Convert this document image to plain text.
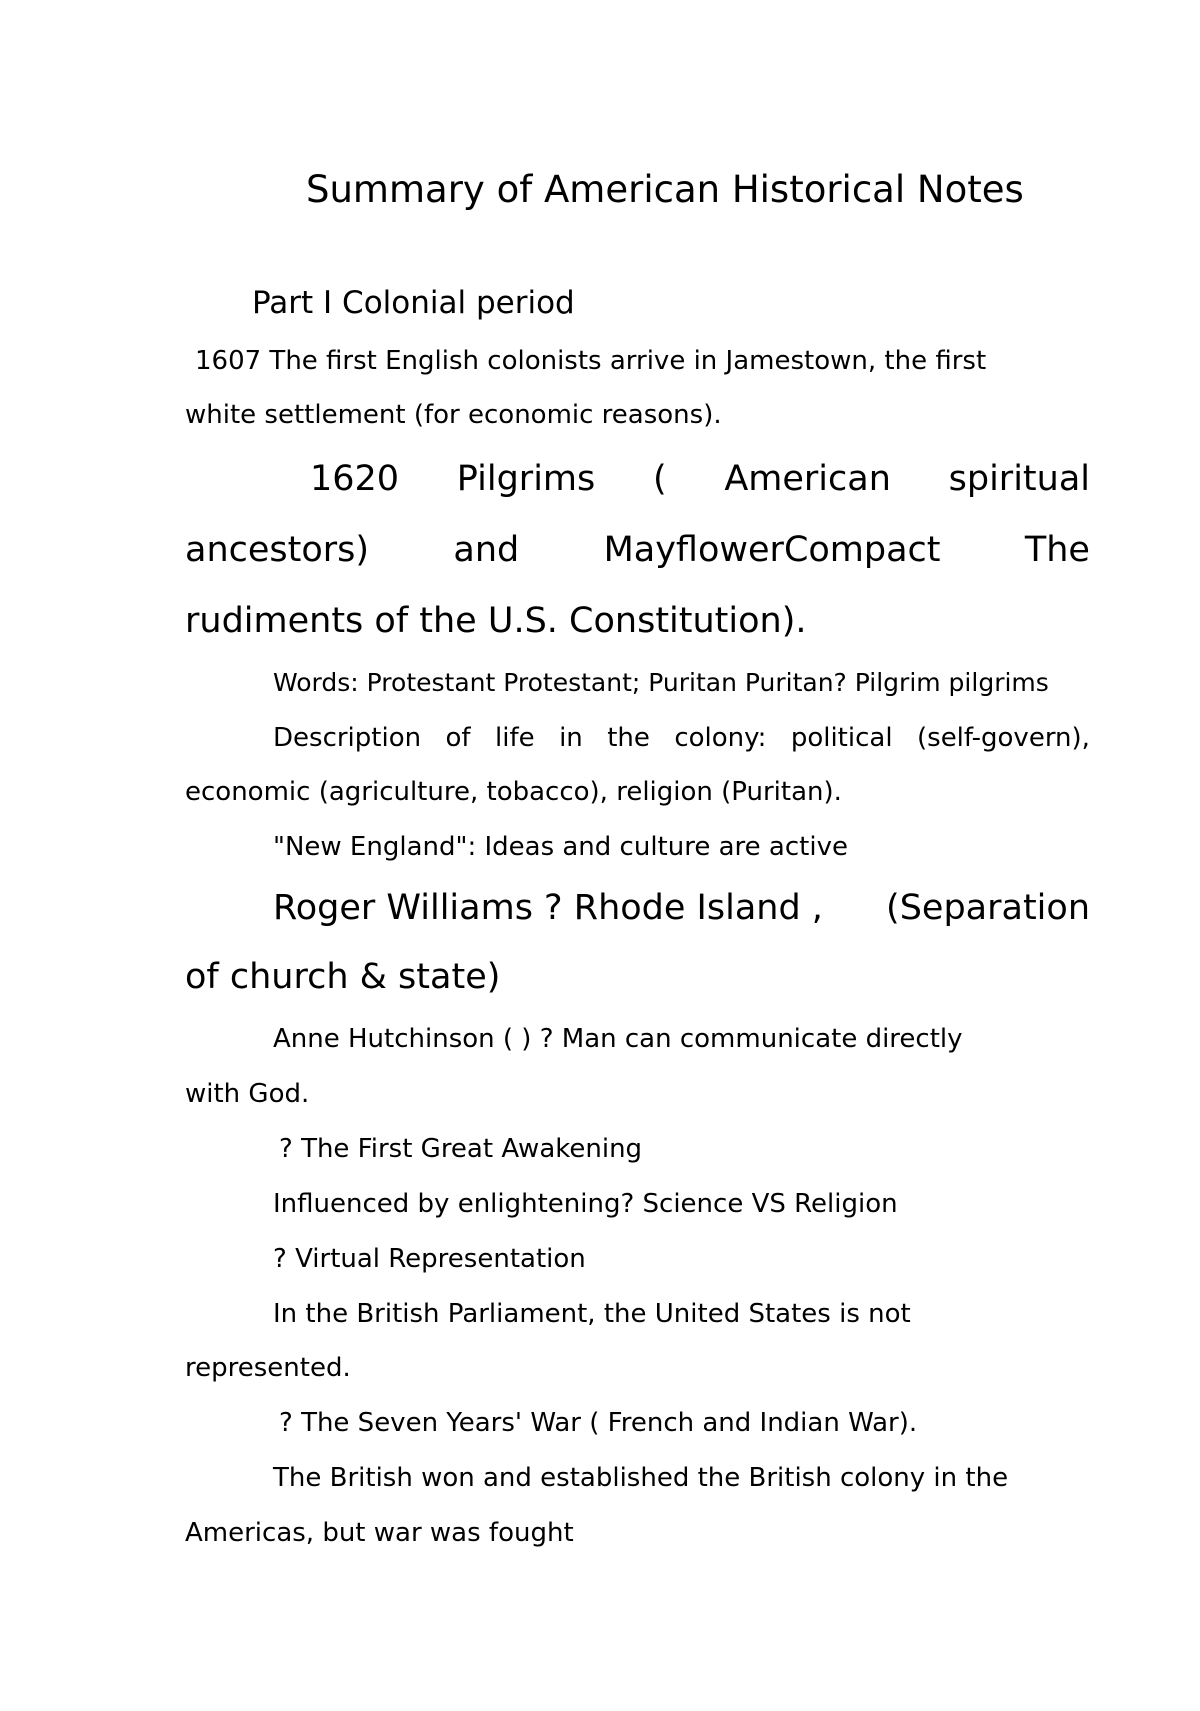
Summary of American Historical Notes
Part I Colonial period
1607 The first English colonists arrive in Jamestown, the first
white settlement (for economic reasons).
1620 Pilgrims ( American spiritual
ancestors) and MayflowerCompact The
rudiments of the U.S. Constitution).
Words: Protestant Protestant; Puritan Puritan? Pilgrim pilgrims
Description of life in the colony: political (self-govern),
economic (agriculture, tobacco), religion (Puritan).
"New England": Ideas and culture are active
Roger Williams ? Rhode Island , (Separation
of church & state)
Anne Hutchinson ( ) ? Man can communicate directly
with God.
? The First Great Awakening
Influenced by enlightening? Science VS Religion
? Virtual Representation
In the British Parliament, the United States is not
represented.
? The Seven Years' War ( French and Indian War).
The British won and established the British colony in the
Americas, but war was fought
